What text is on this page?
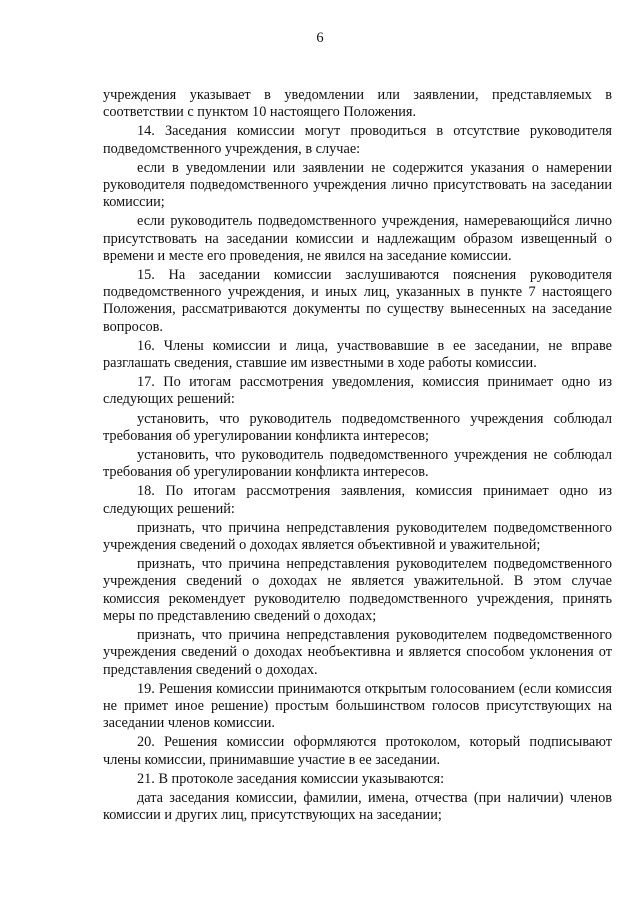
6

учреждения указывает в уведомлении или заявлении, представляемых в соответствии с пунктом 10 настоящего Положения.

14. Заседания комиссии могут проводиться в отсутствие руководителя подведомственного учреждения, в случае:

если в уведомлении или заявлении не содержится указания о намерении руководителя подведомственного учреждения лично присутствовать на заседании комиссии;

если руководитель подведомственного учреждения, намеревающийся лично присутствовать на заседании комиссии и надлежащим образом извещенный о времени и месте его проведения, не явился на заседание комиссии.

15. На заседании комиссии заслушиваются пояснения руководителя подведомственного учреждения, и иных лиц, указанных в пункте 7 настоящего Положения, рассматриваются документы по существу вынесенных на заседание вопросов.

16. Члены комиссии и лица, участвовавшие в ее заседании, не вправе разглашать сведения, ставшие им известными в ходе работы комиссии.

17. По итогам рассмотрения уведомления, комиссия принимает одно из следующих решений:

установить, что руководитель подведомственного учреждения соблюдал требования об урегулировании конфликта интересов;

установить, что руководитель подведомственного учреждения не соблюдал требования об урегулировании конфликта интересов.

18. По итогам рассмотрения заявления, комиссия принимает одно из следующих решений:

признать, что причина непредставления руководителем подведомственного учреждения сведений о доходах является объективной и уважительной;

признать, что причина непредставления руководителем подведомственного учреждения сведений о доходах не является уважительной. В этом случае комиссия рекомендует руководителю подведомственного учреждения, принять меры по представлению сведений о доходах;

признать, что причина непредставления руководителем подведомственного учреждения сведений о доходах необъективна и является способом уклонения от представления сведений о доходах.

19. Решения комиссии принимаются открытым голосованием (если комиссия не примет иное решение) простым большинством голосов присутствующих на заседании членов комиссии.

20. Решения комиссии оформляются протоколом, который подписывают члены комиссии, принимавшие участие в ее заседании.

21. В протоколе заседания комиссии указываются:

дата заседания комиссии, фамилии, имена, отчества (при наличии) членов комиссии и других лиц, присутствующих на заседании;
